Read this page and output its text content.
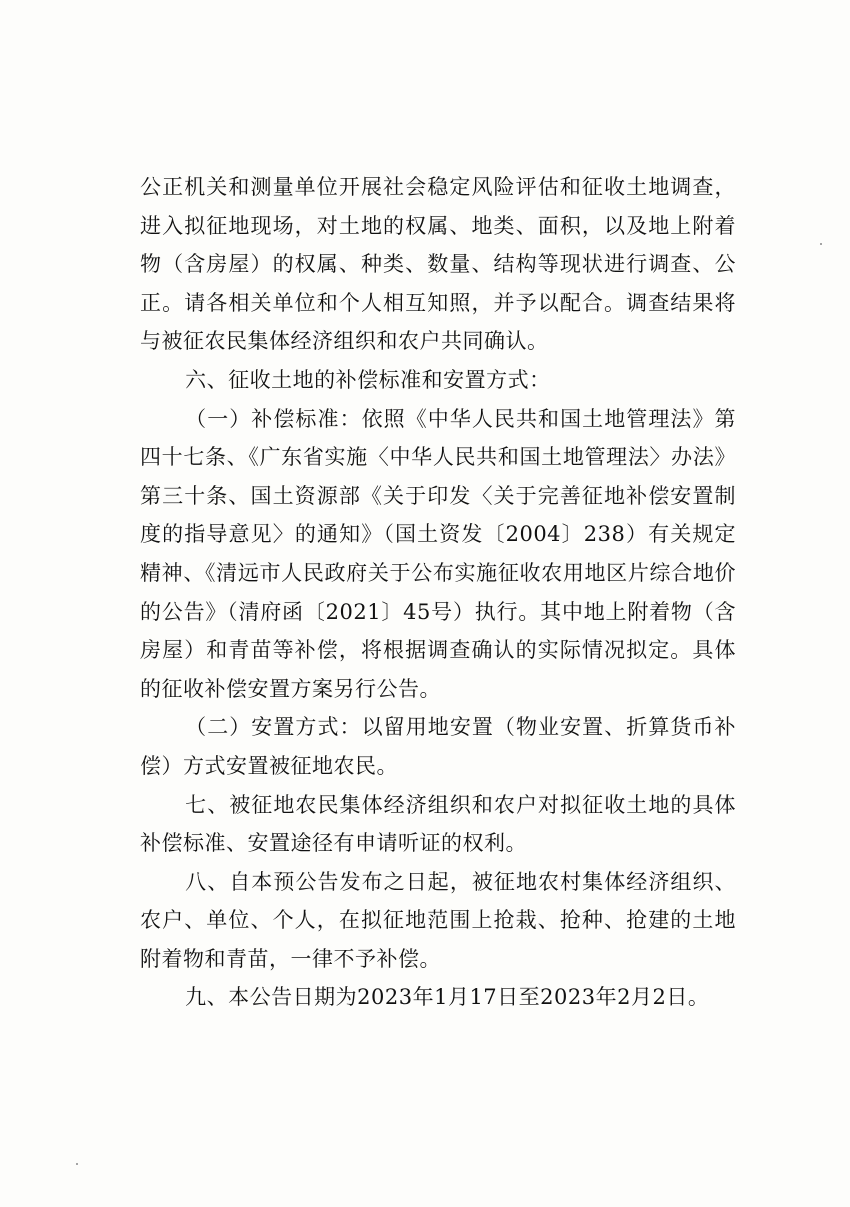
公正机关和测量单位开展社会稳定风险评估和征收土地调查，进入拟征地现场，对土地的权属、地类、面积，以及地上附着物（含房屋）的权属、种类、数量、结构等现状进行调查、公正。请各相关单位和个人相互知照，并予以配合。调查结果将与被征农民集体经济组织和农户共同确认。

六、征收土地的补偿标准和安置方式：

（一）补偿标准：依照《中华人民共和国土地管理法》第四十七条、《广东省实施〈中华人民共和国土地管理法〉办法》第三十条、国土资源部《关于印发〈关于完善征地补偿安置制度的指导意见〉的通知》（国土资发〔2004〕238）有关规定精神、《清远市人民政府关于公布实施征收农用地区片综合地价的公告》（清府函〔2021〕45号）执行。其中地上附着物（含房屋）和青苗等补偿，将根据调查确认的实际情况拟定。具体的征收补偿安置方案另行公告。

（二）安置方式：以留用地安置（物业安置、折算货币补偿）方式安置被征地农民。

七、被征地农民集体经济组织和农户对拟征收土地的具体补偿标准、安置途径有申请听证的权利。

八、自本预公告发布之日起，被征地农村集体经济组织、农户、单位、个人，在拟征地范围上抢栽、抢种、抢建的土地附着物和青苗，一律不予补偿。

九、本公告日期为2023年1月17日至2023年2月2日。
